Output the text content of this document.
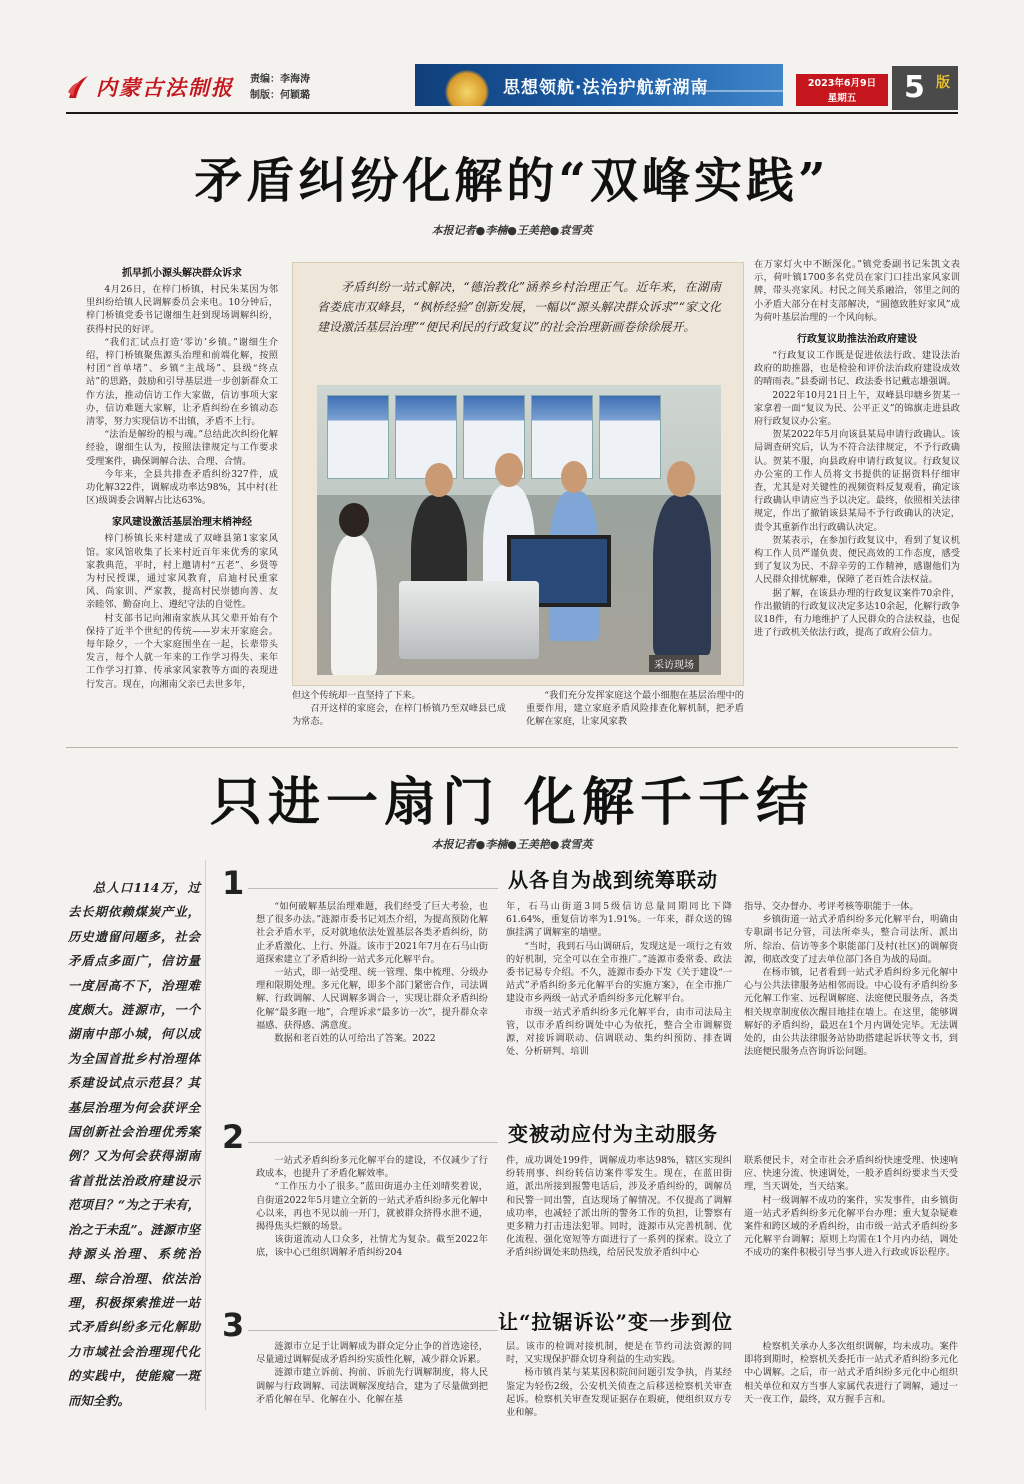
内蒙古法制报 责编：李海涛
制版：何颖璐	思想领航·法治护航新湖南	2023年6月9日
星期五	5 版
矛盾纠纷化解的“双峰实践”
本报记者●李楠●王美艳●袁雪英
抓早抓小源头解决群众诉求

4月26日，在梓门桥镇，村民朱某因为邻里纠纷给镇人民调解委员会来电。10分钟后，梓门桥镇党委书记谢细生赶到现场调解纠纷，获得村民的好评。

“我们汇试点打造‘零访’乡镇。”谢细生介绍，梓门桥镇聚焦源头治理和前端化解，按照村团“首单堵”、乡镇“主战场”、县级“终点站”的思路，鼓励和引导基层进一步创新群众工作方法，推动信访工作大家做，信访事项大家办，信访难题大家解，让矛盾纠纷在乡镇动态清零，努力实现信访不出镇，矛盾不上行。

“法治是解纷的根与魂。”总结此次纠纷化解经验，谢细生认为，按照法律规定与工作要求受理案件，确保调解合法、合理、合情。

今年来，全县共排查矛盾纠纷327件，成功化解322件，调解成功率达98%，其中村(社区)级调委会调解占比达63%。

家风建设激活基层治理末梢神经

梓门桥镇长来村建成了双峰县第1家家风馆。家风馆收集了长来村近百年来优秀的家风家教典范，平时，村上邀请村“五老”、乡贤等为村民授课，通过家风教育，启迪村民重家风、尚家训、严家教，提高村民崇德向善、友亲睦邻、勤奋向上、遵纪守法的自觉性。

村支部书记向湘南家族从其父辈开始有个保持了近半个世纪的传统——岁末开家庭会。每年除夕，一个大家庭围坐在一起，长辈带头发言，每个人就一年来的工作学习得失、来年工作学习打算、传承家风家教等方面的表现进行发言。现在，向湘南父亲已去世多年，

矛盾纠纷一站式解决，“德治教化”涵养乡村治理正气。近年来，在湖南省娄底市双峰县，“枫桥经验”创新发展，一幅以“源头解决群众诉求”“家文化建设激活基层治理”“便民利民的行政复议”的社会治理新画卷徐徐展开。
采访现场

但这个传统却一直坚持了下来。

召开这样的家庭会，在梓门桥镇乃至双峰县已成为常态。

“我们充分发挥家庭这个最小细胞在基层治理中的重要作用，建立家庭矛盾风险排查化解机制，把矛盾化解在家庭，让家风家教

在万家灯火中不断深化。”镇党委副书记朱凯文表示，荷叶镇1700多名党员在家门口挂出家风家训牌，带头亮家风。村民之间关系融洽，邻里之间的小矛盾大部分在村支部解决，“圆德致胜好家风”成为荷叶基层治理的一个风向标。

行政复议助推法治政府建设

“行政复议工作既是促进依法行政、建设法治政府的助推器，也是检验和评价法治政府建设成效的晴雨表。”县委副书记、政法委书记戴志雄强调。

2022年10月21日上午，双峰县印塘乡贺某一家拿着一面“复议为民、公平正义”的锦旗走进县政府行政复议办公室。

贺某2022年5月向该县某局申请行政确认。该局调查研究后，认为不符合法律规定，不予行政确认。贺某不服，向县政府申请行政复议。行政复议办公室的工作人员将文书提供的证据资料仔细审查，尤其是对关键性的视频资料反复观看，确定该行政确认申请应当予以决定。最终，依照相关法律规定，作出了撤销该县某局不予行政确认的决定，责令其重新作出行政确认决定。

贺某表示，在参加行政复议中，看到了复议机构工作人员严谨负责、便民高效的工作态度，感受到了复议为民、不辞辛劳的工作精神，感谢他们为人民群众排忧解难，保障了老百姓合法权益。

据了解，在该县办理的行政复议案件70余件，作出撤销的行政复议决定多达10余起，化解行政争议18件，有力地维护了人民群众的合法权益，也促进了行政机关依法行政，提高了政府公信力。

只进一扇门 化解千千结
本报记者●李楠●王美艳●袁雪英
总人口114万，过去长期依赖煤炭产业，历史遗留问题多，社会矛盾点多面广，信访量一度居高不下，治理难度颇大。涟源市，一个湖南中部小城，何以成为全国首批乡村治理体系建设试点示范县？其基层治理为何会获评全国创新社会治理优秀案例？又为何会获得湖南省首批法治政府建设示范项目？“为之于未有，治之于未乱”。涟源市坚持源头治理、系统治理、综合治理、依法治理，积极探索推进一站式矛盾纠纷多元化解助力市域社会治理现代化的实践中，使能窥一斑而知全豹。
1	从各自为战到统筹联动

“如何破解基层治理难题，我们经受了巨大考验，也想了很多办法。”涟源市委书记刘杰介绍，为提高预防化解社会矛盾水平，反对就地依法处置基层各类矛盾纠纷，防止矛盾激化、上行、外溢。该市于2021年7月在石马山街道探索建立了矛盾纠纷一站式多元化解平台。

一站式，即一站受理、统一管理、集中梳理、分级办理和限期处理。多元化解，即多个部门紧密合作，司法调解、行政调解、人民调解多调合一，实现让群众矛盾纠纷化解“最多跑一地”，合理诉求“最多访一次”，提升群众幸福感、获得感、满意度。

数据和老百姓的认可给出了答案。2022

年，石马山街道3同5级信访总量同期同比下降61.64%，重复信访率为1.91%。一年来，群众送的锦旗挂满了调解室的墙壁。

“当时，我到石马山调研后，发现这是一项行之有效的好机制，完全可以在全市推广。”涟源市委常委、政法委书记易专介绍。不久，涟源市委办下发《关于建设“一站式”矛盾纠纷多元化解平台的实施方案》，在全市推广建设市乡两级一站式矛盾纠纷多元化解平台。

市级一站式矛盾纠纷多元化解平台，由市司法局主管，以市矛盾纠纷调处中心为依托，整合全市调解资源，对接诉调联动、信调联动、集约纠预防、排查调处、分析研判、培训

指导、交办督办、考评考核等职能于一体。

乡镇街道一站式矛盾纠纷多元化解平台，明确由专职副书记分管，司法所牵头，整合司法所、派出所、综治、信访等多个职能部门及村(社区)的调解资源，彻底改变了过去单位部门各自为战的局面。

在杨市镇，记者看到一站式矛盾纠纷多元化解中心与公共法律服务站相邻而设。中心设有矛盾纠纷多元化解工作室、远程调解庭、法庭便民服务点，各类相关规章制度依次醒目地挂在墙上。在这里，能够调解好的矛盾纠纷，最迟在1个月内调处完毕。无法调处的，由公共法律服务站协助搭建起诉状等文书，到法庭便民服务点咨询诉讼问题。

2	变被动应付为主动服务

一站式矛盾纠纷多元化解平台的建设，不仅减少了行政成本，也提升了矛盾化解效率。

“工作压力小了很多。”蓝田街道办主任刘晴奖着说，自街道2022年5月建立全新的一站式矛盾纠纷多元化解中心以来，再也不见以前一开门，就被群众挤得水泄不通，揭得焦头烂额的场景。

该街道流动人口众多，社情尤为复杂。截至2022年底，该中心已组织调解矛盾纠纷204

件，成功调处199件，调解成功率达98%，辖区实现纠纷转刑事、纠纷转信访案件零发生。现在，在蓝田街道，派出所接到报警电话后，涉及矛盾纠纷的，调解员和民警一同出警，直达现场了解情况。不仅提高了调解成功率，也减轻了派出所的警务工作的负担，让警察有更多精力打击违法犯罪。同时，涟源市从完善机制、优化流程、强化宽短等方面进行了一系列的探索。设立了矛盾纠纷调处来助热线，给居民发放矛盾纠中心

联系便民卡，对全市社会矛盾纠纷快速受理、快速响应、快速分流、快速调处，一般矛盾纠纷要求当天受理，当天调处，当天结案。

村一级调解不成功的案件，实发事件，由乡镇街道一站式矛盾纠纷多元化解平台办理；重大复杂疑难案件和跨区域的矛盾纠纷，由市级一站式矛盾纠纷多元化解平台调解；原则上均需在1个月内办结，调处不成功的案件积极引导当事人进入行政或诉讼程序。

3	让“拉锯诉讼”变一步到位

涟源市立足于让调解成为群众定分止争的首选途径，尽量通过调解促成矛盾纠纷实质性化解，减少群众诉累。

涟源市建立诉前、拘前、诉前先行调解制度，将人民调解与行政调解、司法调解深度结合，建为了尽量做到把矛盾化解在早、化解在小、化解在基

层。该市的检调对接机制，便是在节约司法资源的同时，又实现保护群众切身利益的生动实践。

杨市镇肖某与某某因积院间问题引发争执，肖某经鉴定为轻伤2级，公安机关侦查之后移送检察机关审查起诉。检察机关审查发现证据存在瑕疵，便组织双方专业和解。

检察机关承办人多次组织调解，均未成功。案件即将到期时，检察机关委托市一站式矛盾纠纷多元化中心调解。之后，市一站式矛盾纠纷多元化中心组织相关单位和双方当事人家属代表进行了调解，通过一天一夜工作，最终，双方握手言和。
